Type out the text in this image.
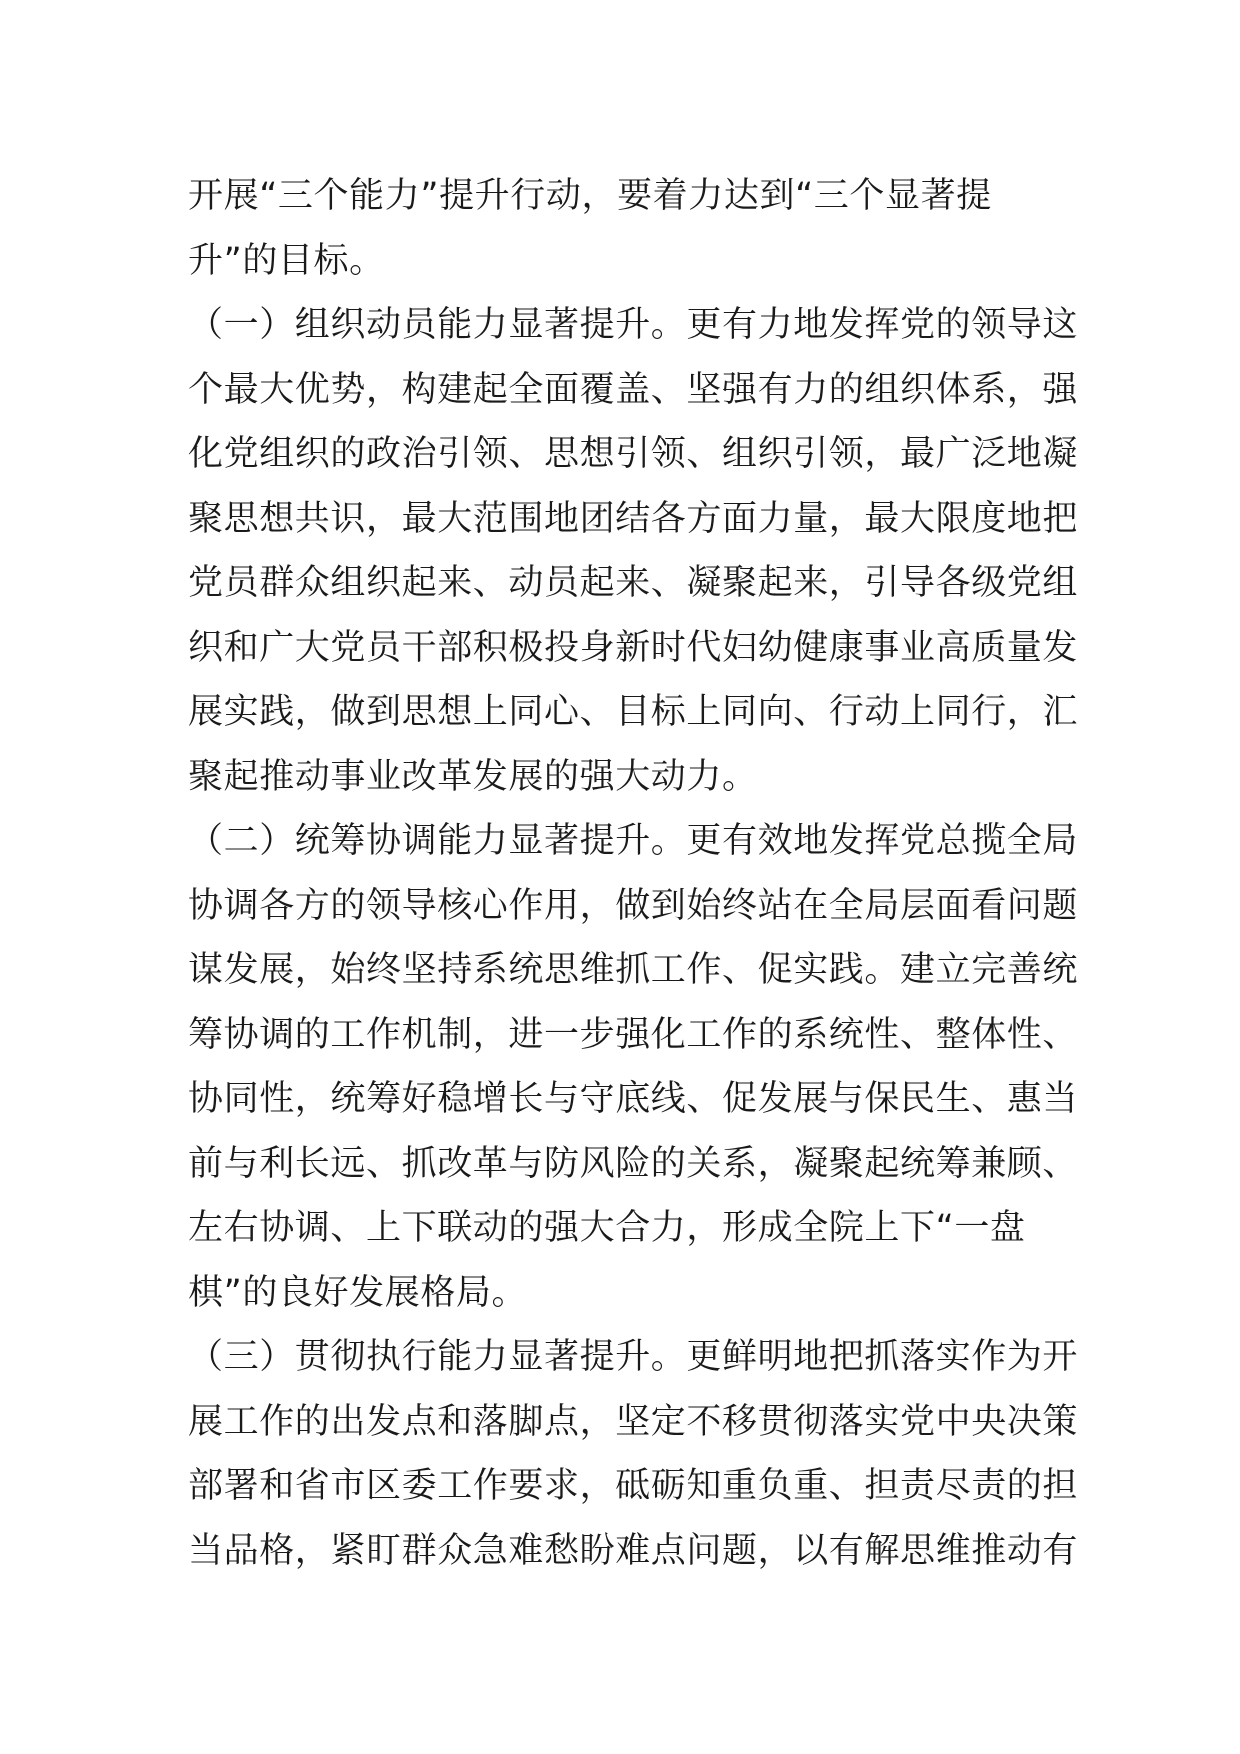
开展“三个能力”提升行动，要着力达到“三个显著提
升”的目标。
（一）组织动员能力显著提升。更有力地发挥党的领导这
个最大优势，构建起全面覆盖、坚强有力的组织体系，强
化党组织的政治引领、思想引领、组织引领，最广泛地凝
聚思想共识，最大范围地团结各方面力量，最大限度地把
党员群众组织起来、动员起来、凝聚起来，引导各级党组
织和广大党员干部积极投身新时代妇幼健康事业高质量发
展实践，做到思想上同心、目标上同向、行动上同行，汇
聚起推动事业改革发展的强大动力。
（二）统筹协调能力显著提升。更有效地发挥党总揽全局
协调各方的领导核心作用，做到始终站在全局层面看问题
谋发展，始终坚持系统思维抓工作、促实践。建立完善统
筹协调的工作机制，进一步强化工作的系统性、整体性、
协同性，统筹好稳增长与守底线、促发展与保民生、惠当
前与利长远、抓改革与防风险的关系，凝聚起统筹兼顾、
左右协调、上下联动的强大合力，形成全院上下“一盘
棋”的良好发展格局。
（三）贯彻执行能力显著提升。更鲜明地把抓落实作为开
展工作的出发点和落脚点，坚定不移贯彻落实党中央决策
部署和省市区委工作要求，砥砺知重负重、担责尽责的担
当品格，紧盯群众急难愁盼难点问题，以有解思维推动有
